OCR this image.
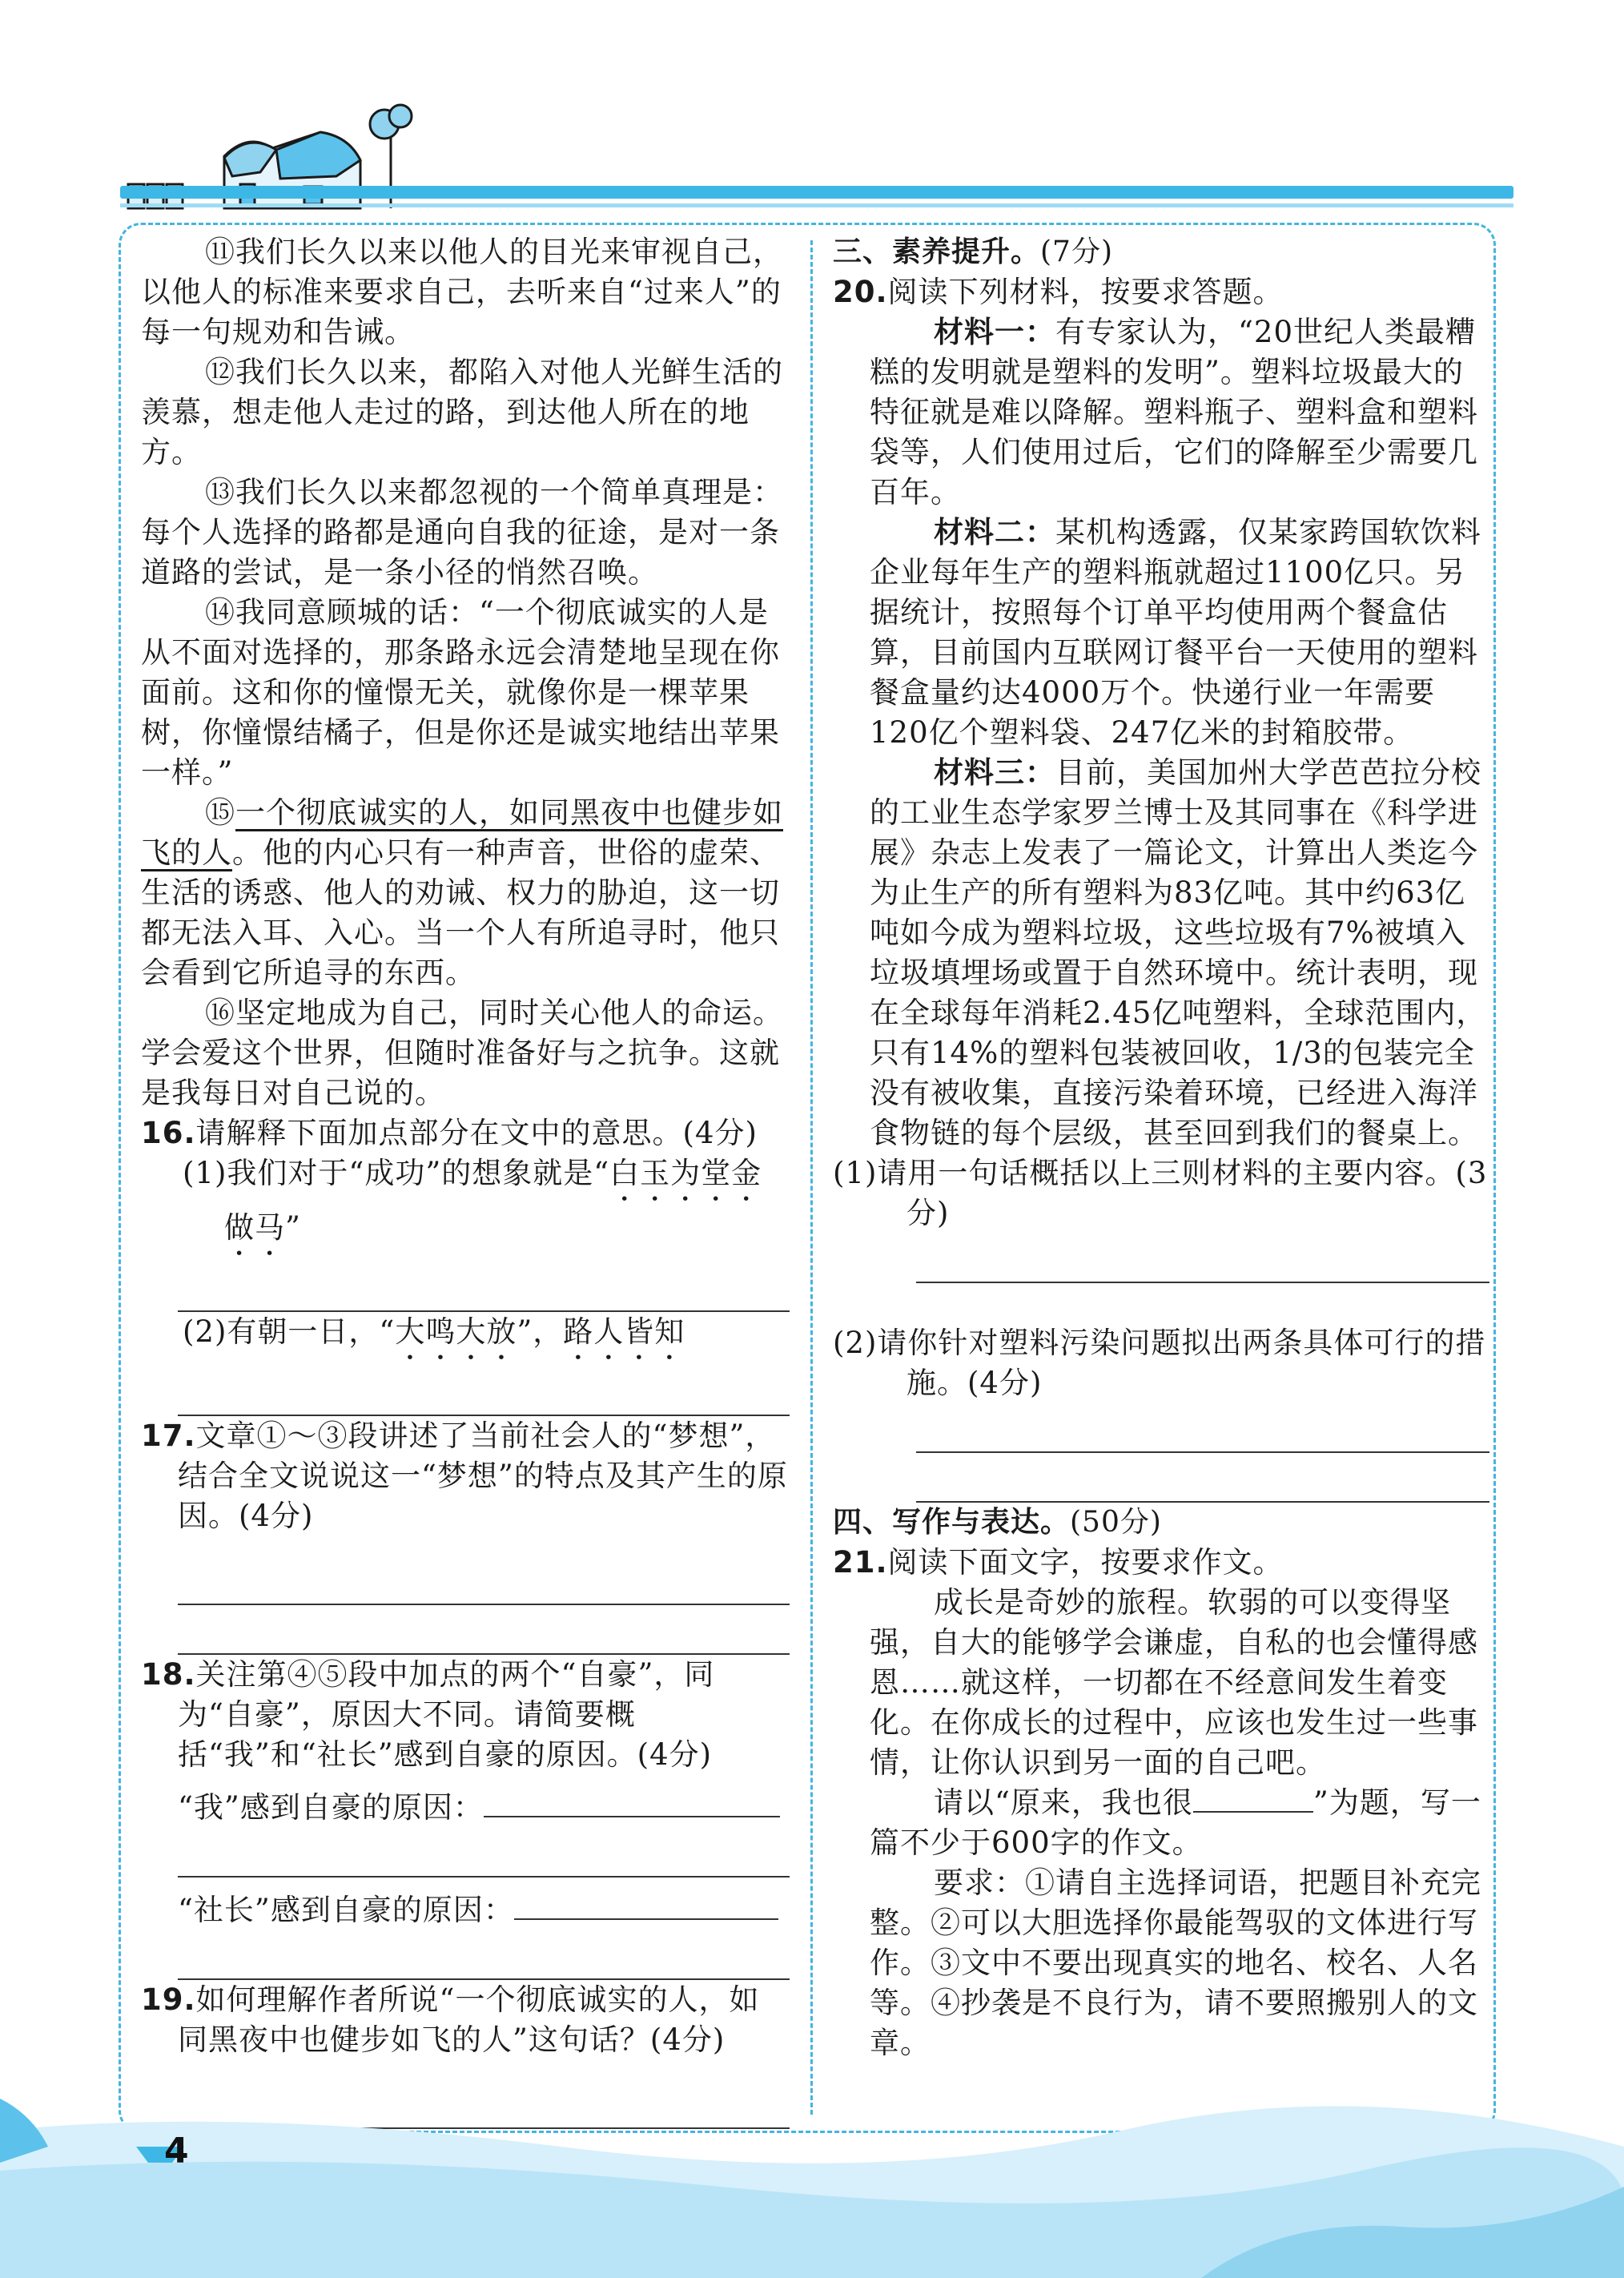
⑪我们长久以来以他人的目光来审视自己，以他人的标准来要求自己，去听来自“过来人”的每一句规劝和告诫。

⑫我们长久以来，都陷入对他人光鲜生活的羡慕，想走他人走过的路，到达他人所在的地方。

⑬我们长久以来都忽视的一个简单真理是：每个人选择的路都是通向自我的征途，是对一条道路的尝试，是一条小径的悄然召唤。

⑭我同意顾城的话：“一个彻底诚实的人是从不面对选择的，那条路永远会清楚地呈现在你面前。这和你的憧憬无关，就像你是一棵苹果树，你憧憬结橘子，但是你还是诚实地结出苹果一样。”

⑮一个彻底诚实的人，如同黑夜中也健步如飞的人。他的内心只有一种声音，世俗的虚荣、生活的诱惑、他人的劝诫、权力的胁迫，这一切都无法入耳、入心。当一个人有所追寻时，他只会看到它所追寻的东西。

⑯坚定地成为自己，同时关心他人的命运。学会爱这个世界，但随时准备好与之抗争。这就是我每日对自己说的。

16.请解释下面加点部分在文中的意思。(4分)

(1)我们对于“成功”的想象就是“白玉为堂金做马”

(2)有朝一日，“大鸣大放”，路人皆知

17.文章①～③段讲述了当前社会人的“梦想”，结合全文说说这一“梦想”的特点及其产生的原因。(4分)

18.关注第④⑤段中加点的两个“自豪”，同为“自豪”，原因大不同。请简要概括“我”和“社长”感到自豪的原因。(4分)

“我”感到自豪的原因：

“社长”感到自豪的原因：

19.如何理解作者所说“一个彻底诚实的人，如同黑夜中也健步如飞的人”这句话？(4分)

三、素养提升。(7分)

20.阅读下列材料，按要求答题。

材料一：有专家认为，“20世纪人类最糟糕的发明就是塑料的发明”。塑料垃圾最大的特征就是难以降解。塑料瓶子、塑料盒和塑料袋等，人们使用过后，它们的降解至少需要几百年。

材料二：某机构透露，仅某家跨国软饮料企业每年生产的塑料瓶就超过1100亿只。另据统计，按照每个订单平均使用两个餐盒估算，目前国内互联网订餐平台一天使用的塑料餐盒量约达4000万个。快递行业一年需要120亿个塑料袋、247亿米的封箱胶带。

材料三：目前，美国加州大学芭芭拉分校的工业生态学家罗兰博士及其同事在《科学进展》杂志上发表了一篇论文，计算出人类迄今为止生产的所有塑料为83亿吨。其中约63亿吨如今成为塑料垃圾，这些垃圾有7%被填入垃圾填埋场或置于自然环境中。统计表明，现在全球每年消耗2.45亿吨塑料，全球范围内，只有14%的塑料包装被回收，1/3的包装完全没有被收集，直接污染着环境，已经进入海洋食物链的每个层级，甚至回到我们的餐桌上。

(1)请用一句话概括以上三则材料的主要内容。(3分)

(2)请你针对塑料污染问题拟出两条具体可行的措施。(4分)

四、写作与表达。(50分)

21.阅读下面文字，按要求作文。

成长是奇妙的旅程。软弱的可以变得坚强，自大的能够学会谦虚，自私的也会懂得感恩……就这样，一切都在不经意间发生着变化。在你成长的过程中，应该也发生过一些事情，让你认识到另一面的自己吧。

请以“原来，我也很	”为题，写一篇不少于600字的作文。

要求：①请自主选择词语，把题目补充完整。②可以大胆选择你最能驾驭的文体进行写作。③文中不要出现真实的地名、校名、人名等。④抄袭是不良行为，请不要照搬别人的文章。

4
